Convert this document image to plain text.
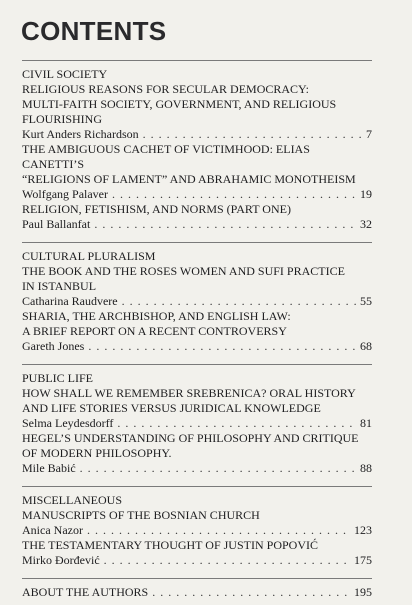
CONTENTS
CIVIL SOCIETY
RELIGIOUS REASONS FOR SECULAR DEMOCRACY:
MULTI-FAITH SOCIETY, GOVERNMENT, AND RELIGIOUS
FLOURISHING
Kurt Anders Richardson . . .	7
THE AMBIGUOUS CACHET OF VICTIMHOOD: ELIAS CANETTI’S
“RELIGIONS OF LAMENT” AND ABRAHAMIC MONOTHEISM
Wolfgang Palaver . . .	19
RELIGION, FETISHISM, AND NORMS (PART ONE)
Paul Ballanfat . . .	32
CULTURAL PLURALISM
THE BOOK AND THE ROSES WOMEN AND SUFI PRACTICE
IN ISTANBUL
Catharina Raudvere . . .	55
SHARIA, THE ARCHBISHOP, AND ENGLISH LAW:
A BRIEF REPORT ON A RECENT CONTROVERSY
Gareth Jones . . .	68
PUBLIC LIFE
HOW SHALL WE REMEMBER SREBRENICA? ORAL HISTORY
AND LIFE STORIES VERSUS JURIDICAL KNOWLEDGE
Selma Leydesdorff . . .	81
HEGEL’S UNDERSTANDING OF PHILOSOPHY AND CRITIQUE
OF MODERN PHILOSOPHY.
Mile Babić . . .	88
MISCELLANEOUS
MANUSCRIPTS OF THE BOSNIAN CHURCH
Anica Nazor . . .	123
THE TESTAMENTARY THOUGHT OF JUSTIN POPOVIĆ
Mirko Đorđević . . .	175
ABOUT THE AUTHORS . . .	195
